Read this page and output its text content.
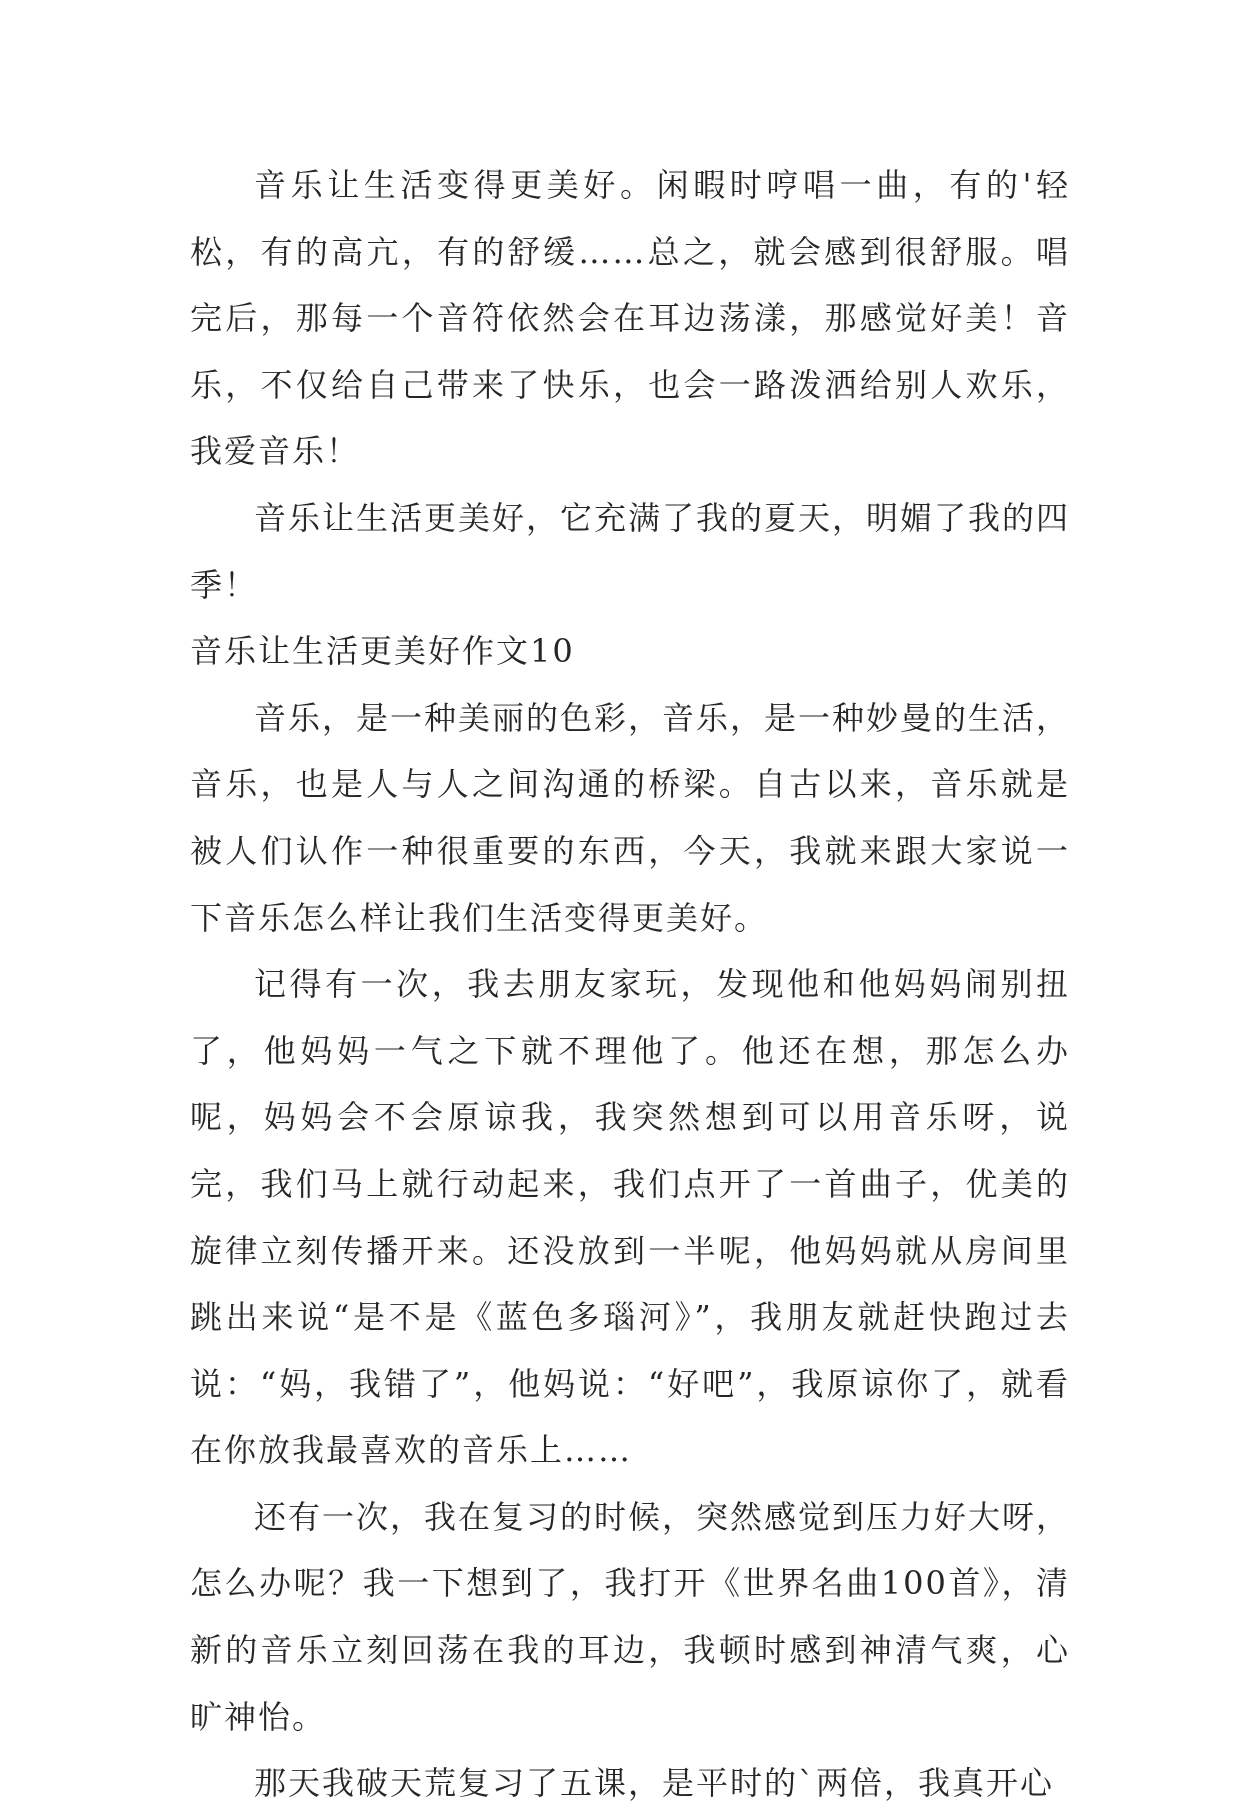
音乐让生活变得更美好。闲暇时哼唱一曲，有的'轻松，有的高亢，有的舒缓……总之，就会感到很舒服。唱完后，那每一个音符依然会在耳边荡漾，那感觉好美！音乐，不仅给自己带来了快乐，也会一路泼洒给别人欢乐，我爱音乐！

音乐让生活更美好，它充满了我的夏天，明媚了我的四季！

音乐让生活更美好作文10

音乐，是一种美丽的色彩，音乐，是一种妙曼的生活，音乐，也是人与人之间沟通的桥梁。自古以来，音乐就是被人们认作一种很重要的东西，今天，我就来跟大家说一下音乐怎么样让我们生活变得更美好。

记得有一次，我去朋友家玩，发现他和他妈妈闹别扭了，他妈妈一气之下就不理他了。他还在想，那怎么办呢，妈妈会不会原谅我，我突然想到可以用音乐呀，说完，我们马上就行动起来，我们点开了一首曲子，优美的旋律立刻传播开来。还没放到一半呢，他妈妈就从房间里跳出来说“是不是《蓝色多瑙河》”，我朋友就赶快跑过去说：“妈，我错了”，他妈说：“好吧”，我原谅你了，就看在你放我最喜欢的音乐上……

还有一次，我在复习的时候，突然感觉到压力好大呀，怎么办呢？我一下想到了，我打开《世界名曲100首》，清新的音乐立刻回荡在我的耳边，我顿时感到神清气爽，心旷神怡。

那天我破天荒复习了五课，是平时的`两倍，我真开心
